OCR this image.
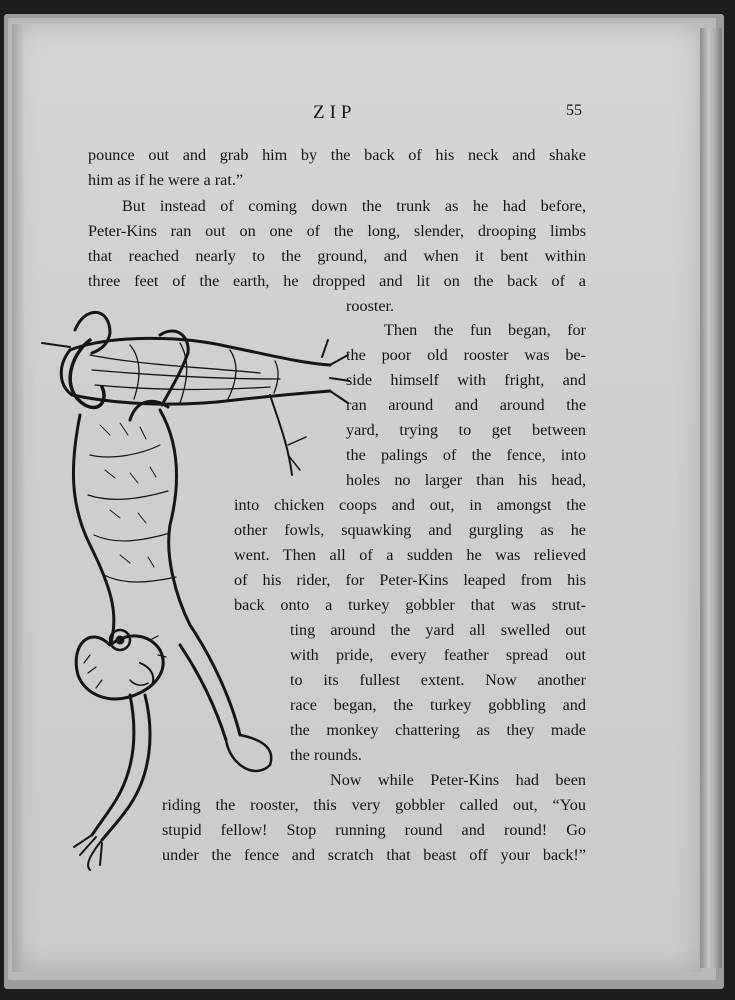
ZIP	55
pounce out and grab him by the back of his neck and shake
him as if he were a rat.”
But instead of coming down the trunk as he had before,
Peter-Kins ran out on one of the long, slender, drooping limbs
that reached nearly to the ground, and when it bent within
three feet of the earth, he dropped and lit on the back of a
rooster.
Then the fun began, for
the poor old rooster was be-
side himself with fright, and
ran around and around the
yard, trying to get between
the palings of the fence, into
holes no larger than his head,
into chicken coops and out, in amongst the
other fowls, squawking and gurgling as he
went. Then all of a sudden he was relieved
of his rider, for Peter-Kins leaped from his
back onto a turkey gobbler that was strut-
ting around the yard all swelled out
with pride, every feather spread out
to its fullest extent. Now another
race began, the turkey gobbling and
the monkey chattering as they made
the rounds.
Now while Peter-Kins had been
riding the rooster, this very gobbler called out, “You
stupid fellow! Stop running round and round! Go
under the fence and scratch that beast off your back!”
